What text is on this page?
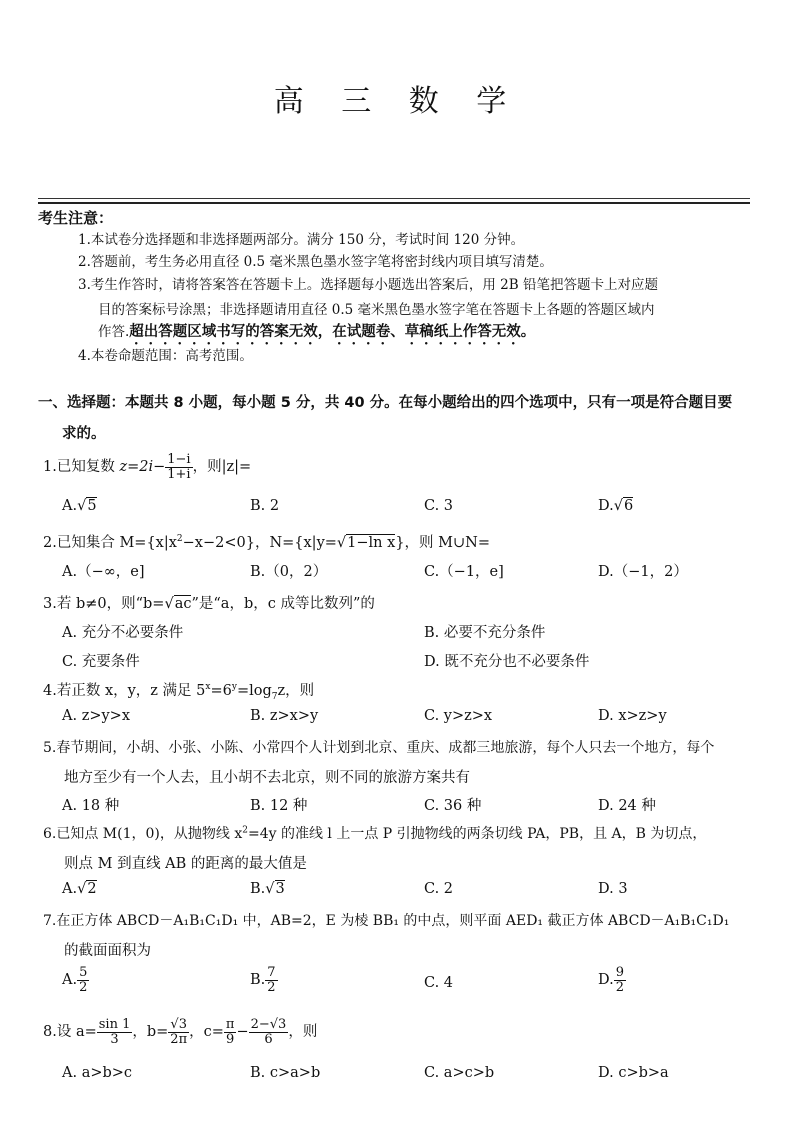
高 三 数 学
考生注意：
1.本试卷分选择题和非选择题两部分。满分 150 分，考试时间 120 分钟。
2.答题前，考生务必用直径 0.5 毫米黑色墨水签字笔将密封线内项目填写清楚。
3.考生作答时，请将答案答在答题卡上。选择题每小题选出答案后，用 2B 铅笔把答题卡上对应题
目的答案标号涂黑；非选择题请用直径 0.5 毫米黑色墨水签字笔在答题卡上各题的答题区域内
作答.超出答题区域书写的答案无效，在试题卷、草稿纸上作答无效。
4.本卷命题范围：高考范围。
一、选择题：本题共 8 小题，每小题 5 分，共 40 分。在每小题给出的四个选项中，只有一项是符合题目要
求的。
1.已知复数 $z=2i- \frac{1-i}{1+i}$ ，则|z|=
A.√5	B. 2	C. 3	D.√6
2.已知集合 $M=\{x|x^2-x-2<0\}$，N={x|y=√1−ln x}，则 M∪N=
A.（−∞，e]	B.（0，2）	C.（−1，e]	D.（−1，2）
3.若 b≠0，则“b=√ac”是“a，b，c 成等比数列”的
A. 充分不必要条件	B. 必要不充分条件
C. 充要条件	D. 既不充分也不必要条件
4.若正数 x，y，z 满足 $5^x=6^y=\log_7z$，则
A. z>y>x	B. z>x>y	C. y>z>x	D. x>z>y
5.春节期间，小胡、小张、小陈、小常四个人计划到北京、重庆、成都三地旅游，每个人只去一个地方，每个
地方至少有一个人去，且小胡不去北京，则不同的旅游方案共有
A. 18 种	B. 12 种	C. 36 种	D. 24 种
6.已知点 M(1，0)，从抛物线 $x^2=4y$ 的准线 l 上一点 P 引抛物线的两条切线 PA，PB，且 A，B 为切点，
则点 M 到直线 AB 的距离的最大值是
A.√2	B.√3	C. 2	D. 3
7.在正方体 ABCD－A₁B₁C₁D₁ 中，AB=2，E 为棱 BB₁ 的中点，则平面 AED₁ 截正方体 ABCD－A₁B₁C₁D₁
的截面面积为
A. $\frac{5}{2}$	B. $\frac{7}{2}$	C. 4	D. $\frac{9}{2}$
8.设 $a= \frac{\sin 1}{3}$ ，$b= \frac{√3}{2\pi}$ ，$c= \frac{\pi}{9} - \frac{2-√3}{6}$ ，则
A. a>b>c	B. c>a>b	C. a>c>b	D. c>b>a
